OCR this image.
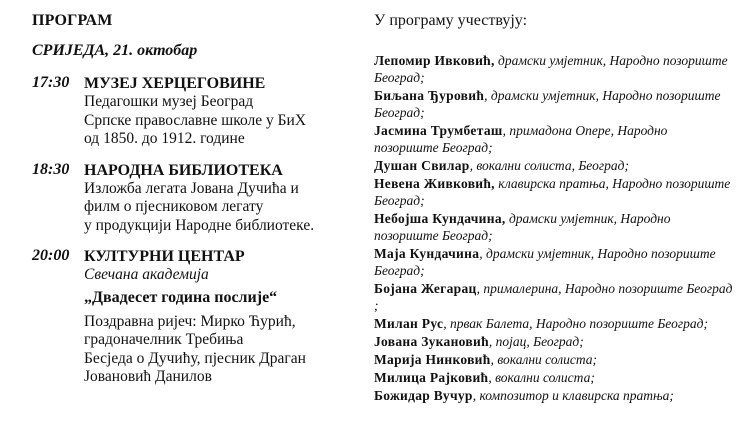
ПРОГРАМ
СРИЈЕДА, 21. октобар
17:30 МУЗЕЈ ХЕРЦЕГОВИНЕ
Педагошки музеј Београд
Српске православне школе у БиХ
од 1850. до 1912. године
18:30 НАРОДНА БИБЛИОТЕКА
Изложба легата Јована Дучића и
филм о пјесниковом легату
у продукцији Народне библиотеке.
20:00 КУЛТУРНИ ЦЕНТАР
Свечана академија
„Двадесет година послије“
Поздравна ријеч: Мирко Ћурић,
градоначелник Требиња
Бесједа о Дучићу, пјесник Драган
Јовановић Данилов
У програму учествују:
Лепомир Ивковић, драмски умјетник, Народно позориште Београд;
Биљана Ђуровић, драмски умјетник, Народно позориште Београд;
Јасмина Трумбеташ, примадона Опере, Народно позориште Београд;
Душан Свилар, вокални солиста, Београд;
Невена Живковић, клавирска пратња, Народно позориште Београд;
Небојша Кундачина, драмски умјетник, Народно позориште Београд;
Маја Кундачина, драмски умјетник, Народно позориште Београд;
Бојана Жегарац, прималерина, Народно позориште Београд ;
Милан Рус, првак Балета, Народно позориште Београд;
Јована Зукановић, појац, Београд;
Марија Нинковић, вокални солиста;
Милица Рајковић, вокални солиста;
Божидар Вучур, композитор и клавирска пратња;
